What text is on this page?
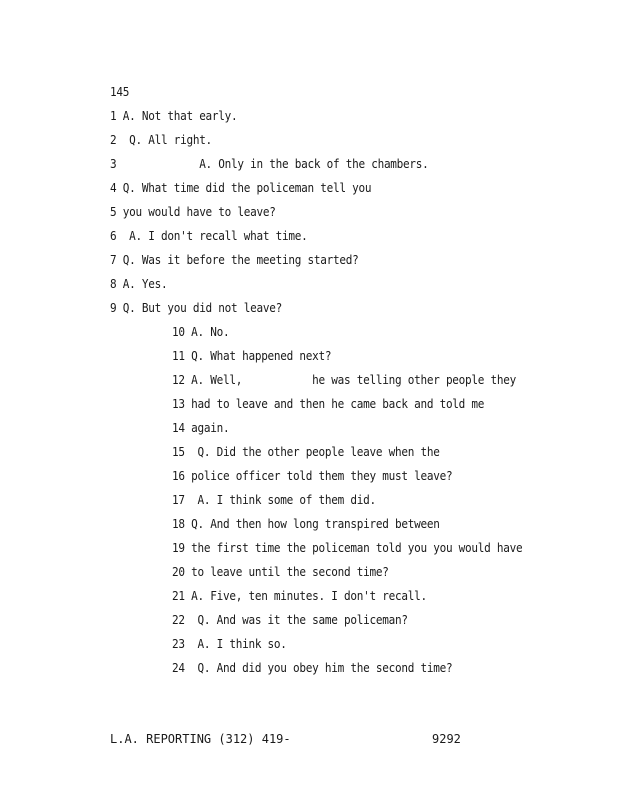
145
1 A. Not that early.
2  Q. All right.
3             A. Only in the back of the chambers.
4 Q. What time did the policeman tell you
5 you would have to leave?
6  A. I don't recall what time.
7 Q. Was it before the meeting started?
8 A. Yes.
9 Q. But you did not leave?
10 A. No.
11 Q. What happened next?
12 A. Well,           he was telling other people they
13 had to leave and then he came back and told me
14 again.
15  Q. Did the other people leave when the
16 police officer told them they must leave?
17  A. I think some of them did.
18 Q. And then how long transpired between
19 the first time the policeman told you you would have
20 to leave until the second time?
21 A. Five, ten minutes. I don't recall.
22  Q. And was it the same policeman?
23  A. I think so.
24  Q. And did you obey him the second time?
L.A. REPORTING (312) 419-	9292
